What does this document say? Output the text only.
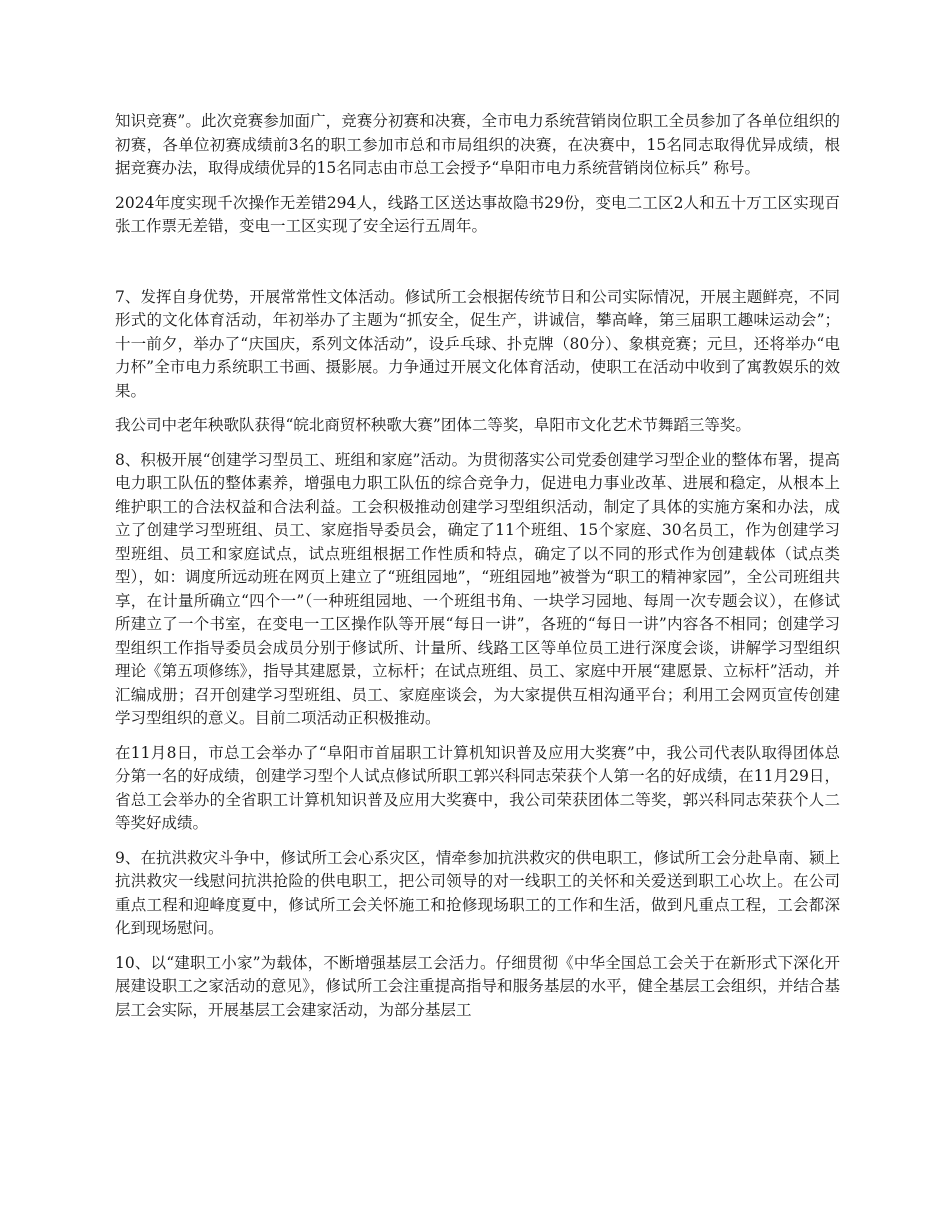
知识竞赛”。此次竞赛参加面广，竞赛分初赛和决赛，全市电力系统营销岗位职工全员参加了各单位组织的初赛，各单位初赛成绩前3名的职工参加市总和市局组织的决赛，在决赛中，15名同志取得优异成绩，根据竞赛办法，取得成绩优异的15名同志由市总工会授予“阜阳市电力系统营销岗位标兵” 称号。

2024年度实现千次操作无差错294人，线路工区送达事故隐书29份，变电二工区2人和五十万工区实现百张工作票无差错，变电一工区实现了安全运行五周年。

7、发挥自身优势，开展常常性文体活动。修试所工会根据传统节日和公司实际情况，开展主题鲜亮，不同形式的文化体育活动，年初举办了主题为“抓安全，促生产，讲诚信，攀高峰，第三届职工趣味运动会”；十一前夕，举办了“庆国庆，系列文体活动”，设乒乓球、扑克牌（80分）、象棋竞赛；元旦，还将举办“电力杯”全市电力系统职工书画、摄影展。力争通过开展文化体育活动，使职工在活动中收到了寓教娱乐的效果。

我公司中老年秧歌队获得“皖北商贸杯秧歌大赛”团体二等奖，阜阳市文化艺术节舞蹈三等奖。

8、积极开展“创建学习型员工、班组和家庭”活动。为贯彻落实公司党委创建学习型企业的整体布署，提高电力职工队伍的整体素养，增强电力职工队伍的综合竞争力，促进电力事业改革、进展和稳定，从根本上维护职工的合法权益和合法利益。工会积极推动创建学习型组织活动，制定了具体的实施方案和办法，成立了创建学习型班组、员工、家庭指导委员会，确定了11个班组、15个家庭、30名员工，作为创建学习型班组、员工和家庭试点，试点班组根据工作性质和特点，确定了以不同的形式作为创建载体（试点类型），如：调度所远动班在网页上建立了“班组园地”，“班组园地”被誉为“职工的精神家园”，全公司班组共享，在计量所确立“四个一”（一种班组园地、一个班组书角、一块学习园地、每周一次专题会议），在修试所建立了一个书室，在变电一工区操作队等开展“每日一讲”，各班的“每日一讲”内容各不相同；创建学习型组织工作指导委员会成员分别于修试所、计量所、线路工区等单位员工进行深度会谈，讲解学习型组织理论《第五项修练》，指导其建愿景，立标杆；在试点班组、员工、家庭中开展“建愿景、立标杆”活动，并汇编成册；召开创建学习型班组、员工、家庭座谈会，为大家提供互相沟通平台；利用工会网页宣传创建学习型组织的意义。目前二项活动正积极推动。

在11月8日，市总工会举办了“阜阳市首届职工计算机知识普及应用大奖赛”中，我公司代表队取得团体总分第一名的好成绩，创建学习型个人试点修试所职工郭兴科同志荣获个人第一名的好成绩，在11月29日，省总工会举办的全省职工计算机知识普及应用大奖赛中，我公司荣获团体二等奖，郭兴科同志荣获个人二等奖好成绩。

9、在抗洪救灾斗争中，修试所工会心系灾区，情牵参加抗洪救灾的供电职工，修试所工会分赴阜南、颍上抗洪救灾一线慰问抗洪抢险的供电职工，把公司领导的对一线职工的关怀和关爱送到职工心坎上。在公司重点工程和迎峰度夏中，修试所工会关怀施工和抢修现场职工的工作和生活，做到凡重点工程，工会都深化到现场慰问。

10、以“建职工小家”为载体，不断增强基层工会活力。仔细贯彻《中华全国总工会关于在新形式下深化开展建设职工之家活动的意见》，修试所工会注重提高指导和服务基层的水平，健全基层工会组织，并结合基层工会实际，开展基层工会建家活动，为部分基层工
